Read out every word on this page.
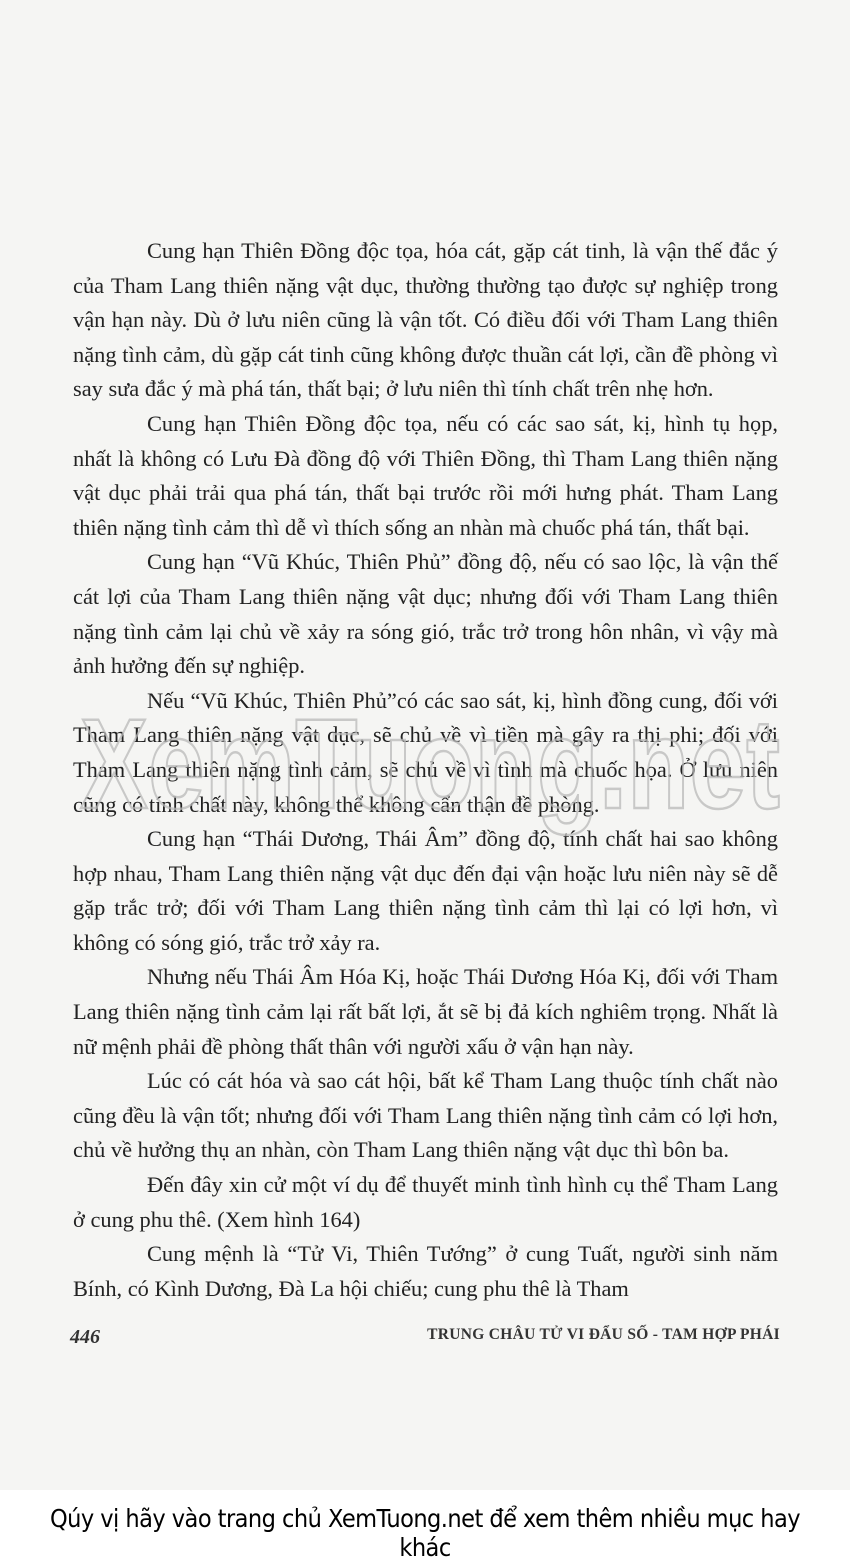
Cung hạn Thiên Đồng độc tọa, hóa cát, gặp cát tinh, là vận thế đắc ý của Tham Lang thiên nặng vật dục, thường thường tạo được sự nghiệp trong vận hạn này. Dù ở lưu niên cũng là vận tốt. Có điều đối với Tham Lang thiên nặng tình cảm, dù gặp cát tinh cũng không được thuần cát lợi, cần đề phòng vì say sưa đắc ý mà phá tán, thất bại; ở lưu niên thì tính chất trên nhẹ hơn.

Cung hạn Thiên Đồng độc tọa, nếu có các sao sát, kị, hình tụ họp, nhất là không có Lưu Đà đồng độ với Thiên Đồng, thì Tham Lang thiên nặng vật dục phải trải qua phá tán, thất bại trước rồi mới hưng phát. Tham Lang thiên nặng tình cảm thì dễ vì thích sống an nhàn mà chuốc phá tán, thất bại.

Cung hạn “Vũ Khúc, Thiên Phủ” đồng độ, nếu có sao lộc, là vận thế cát lợi của Tham Lang thiên nặng vật dục; nhưng đối với Tham Lang thiên nặng tình cảm lại chủ về xảy ra sóng gió, trắc trở trong hôn nhân, vì vậy mà ảnh hưởng đến sự nghiệp.

Nếu “Vũ Khúc, Thiên Phủ”có các sao sát, kị, hình đồng cung, đối với Tham Lang thiên nặng vật dục, sẽ chủ về vì tiền mà gây ra thị phi; đối với Tham Lang thiên nặng tình cảm, sẽ chủ về vì tình mà chuốc họa. Ở lưu niên cũng có tính chất này, không thể không cẩn thận đề phòng.

Cung hạn “Thái Dương, Thái Âm” đồng độ, tính chất hai sao không hợp nhau, Tham Lang thiên nặng vật dục đến đại vận hoặc lưu niên này sẽ dễ gặp trắc trở; đối với Tham Lang thiên nặng tình cảm thì lại có lợi hơn, vì không có sóng gió, trắc trở xảy ra.

Nhưng nếu Thái Âm Hóa Kị, hoặc Thái Dương Hóa Kị, đối với Tham Lang thiên nặng tình cảm lại rất bất lợi, ắt sẽ bị đả kích nghiêm trọng. Nhất là nữ mệnh phải đề phòng thất thân với người xấu ở vận hạn này.

Lúc có cát hóa và sao cát hội, bất kể Tham Lang thuộc tính chất nào cũng đều là vận tốt; nhưng đối với Tham Lang thiên nặng tình cảm có lợi hơn, chủ về hưởng thụ an nhàn, còn Tham Lang thiên nặng vật dục thì bôn ba.

Đến đây xin cử một ví dụ để thuyết minh tình hình cụ thể Tham Lang ở cung phu thê. (Xem hình 164)

Cung mệnh là “Tử Vi, Thiên Tướng” ở cung Tuất, người sinh năm Bính, có Kình Dương, Đà La hội chiếu; cung phu thê là Tham

XemTuong.net
446	TRUNG CHÂU TỬ VI ĐẨU SỐ - TAM HỢP PHÁI
Qúy vị hãy vào trang chủ XemTuong.net để xem thêm nhiều mục hay khác
